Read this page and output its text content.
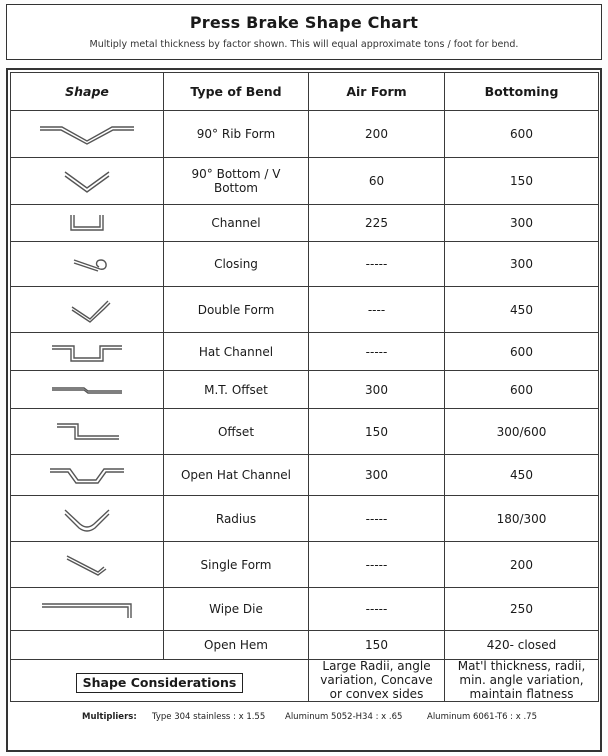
Press Brake Shape Chart
Multiply metal thickness by factor shown. This will equal approximate tons / foot for bend.
Shape	Type of Bend	Air Form	Bottoming

	90° Rib Form	200	600

	90° Bottom / V Bottom	60	150

	Channel	225	300

	Closing	-----	300

	Double Form	----	450

	Hat Channel	-----	600

	M.T. Offset	300	600

	Offset	150	300/600

	Open Hat Channel	300	450

	Radius	-----	180/300

	Single Form	-----	200

	Wipe Die	-----	250
	Open Hem	150	420- closed

Shape Considerations		Large Radii, angle variation, Concave or convex sides	Mat'l thickness, radii, min. angle variation, maintain flatness
Multipliers: Type 304 stainless : x 1.55 Aluminum 5052-H34 : x .65	Aluminum 6061-T6 : x .75
